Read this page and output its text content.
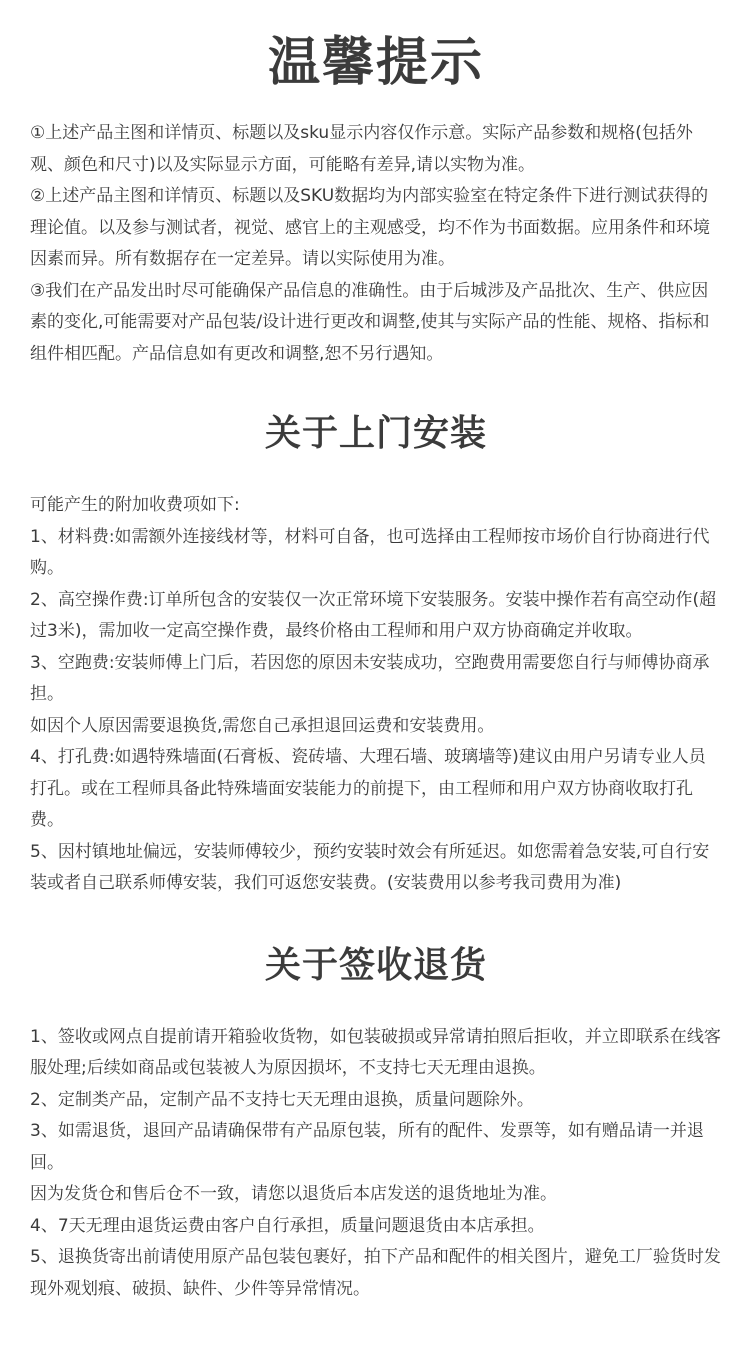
温馨提示

①上述产品主图和详情页、标题以及sku显示内容仅作示意。实际产品参数和规格(包括外观、颜色和尺寸)以及实际显示方面，可能略有差异,请以实物为准。

②上述产品主图和详情页、标题以及SKU数据均为内部实验室在特定条件下进行测试获得的理论值。以及参与测试者，视觉、感官上的主观感受，均不作为书面数据。应用条件和环境因素而异。所有数据存在一定差异。请以实际使用为准。

③我们在产品发出时尽可能确保产品信息的准确性。由于后城涉及产品批次、生产、供应因素的变化,可能需要对产品包装/设计进行更改和调整,使其与实际产品的性能、规格、指标和组件相匹配。产品信息如有更改和调整,恕不另行遇知。

关于上门安装

可能产生的附加收费项如下:

1、材料费:如需额外连接线材等，材料可自备，也可选择由工程师按市场价自行协商进行代购。

2、高空操作费:订单所包含的安装仅一次正常环境下安装服务。安装中操作若有高空动作(超过3米)，需加收一定高空操作费，最终价格由工程师和用户双方协商确定并收取。

3、空跑费:安装师傅上门后，若因您的原因未安装成功，空跑费用需要您自行与师傅协商承担。

如因个人原因需要退换货,需您自己承担退回运费和安装费用。

4、打孔费:如遇特殊墙面(石膏板、瓷砖墙、大理石墙、玻璃墙等)建议由用户另请专业人员打孔。或在工程师具备此特殊墙面安装能力的前提下，由工程师和用户双方协商收取打孔费。

5、因村镇地址偏远，安装师傅较少，预约安装时效会有所延迟。如您需着急安装,可自行安装或者自己联系师傅安装，我们可返您安装费。(安装费用以参考我司费用为准)

关于签收退货

1、签收或网点自提前请开箱验收货物，如包装破损或异常请拍照后拒收，并立即联系在线客服处理;后续如商品或包装被人为原因损坏，不支持七天无理由退换。

2、定制类产品，定制产品不支持七天无理由退换，质量问题除外。

3、如需退货，退回产品请确保带有产品原包装，所有的配件、发票等，如有赠品请一并退回。

因为发货仓和售后仓不一致，请您以退货后本店发送的退货地址为准。

4、7天无理由退货运费由客户自行承担，质量问题退货由本店承担。

5、退换货寄出前请使用原产品包装包裹好，拍下产品和配件的相关图片，避免工厂验货时发现外观划痕、破损、缺件、少件等异常情况。
